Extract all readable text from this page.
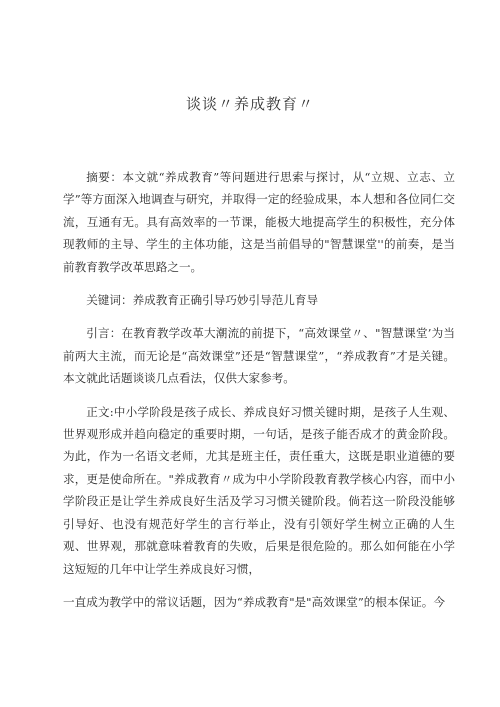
谈谈〃养成教育〃

摘要：本文就“养成教育”等问题进行思索与探讨，从“立规、立志、立学”等方面深入地调查与研究，并取得一定的经验成果，本人想和各位同仁交流，互通有无。具有高效率的一节课，能极大地提高学生的积极性，充分体现教师的主导、学生的主体功能，这是当前倡导的"智慧课堂''的前奏，是当前教育教学改革思路之一。

关键词：养成教育正确引导巧妙引导范儿育导

引言：在教育教学改革大潮流的前提下，“高效课堂〃、"智慧课堂’为当前两大主流，而无论是“高效课堂”还是“智慧课堂”，“养成教育”才是关键。本文就此话题谈谈几点看法，仅供大家参考。

正文:中小学阶段是孩子成长、养成良好习惯关键时期，是孩子人生观、世界观形成并趋向稳定的重要时期，一句话，是孩子能否成才的黄金阶段。为此，作为一名语文老师，尤其是班主任，责任重大，这既是职业道德的要求，更是使命所在。"养成教育〃成为中小学阶段教育教学核心内容，而中小学阶段正是让学生养成良好生活及学习习惯关键阶段。倘若这一阶段没能够引导好、也没有规范好学生的言行举止，没有引领好学生树立正确的人生观、世界观，那就意味着教育的失败，后果是很危险的。那么如何能在小学这短短的几年中让学生养成良好习惯，

一直成为教学中的常议话题，因为“养成教育"是"高效课堂”的根本保证。今
